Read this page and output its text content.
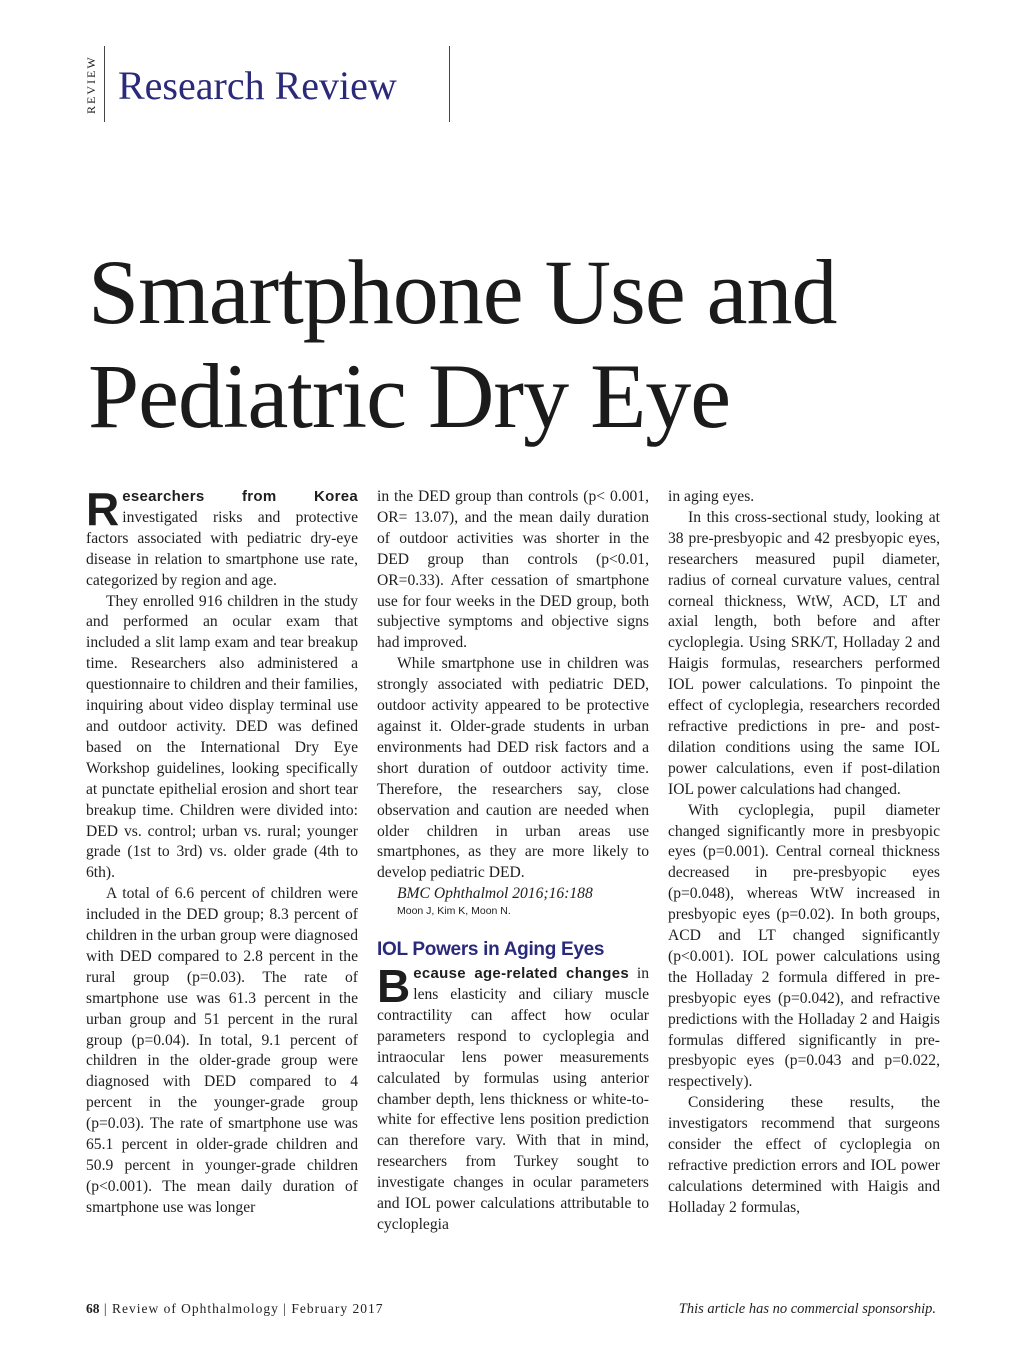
REVIEW Research Review
Smartphone Use and
Pediatric Dry Eye

Researchers from Korea investigated risks and protective factors associated with pediatric dry-eye disease in relation to smartphone use rate, categorized by region and age.

They enrolled 916 children in the study and performed an ocular exam that included a slit lamp exam and tear breakup time. Researchers also administered a questionnaire to children and their families, inquiring about video display terminal use and outdoor activity. DED was defined based on the International Dry Eye Workshop guidelines, looking specifically at punctate epithelial erosion and short tear breakup time. Children were divided into: DED vs. control; urban vs. rural; younger grade (1st to 3rd) vs. older grade (4th to 6th).

A total of 6.6 percent of children were included in the DED group; 8.3 percent of children in the urban group were diagnosed with DED compared to 2.8 percent in the rural group (p=0.03). The rate of smartphone use was 61.3 percent in the urban group and 51 percent in the rural group (p=0.04). In total, 9.1 percent of children in the older-grade group were diagnosed with DED compared to 4 percent in the younger-grade group (p=0.03). The rate of smartphone use was 65.1 percent in older-grade children and 50.9 percent in younger-grade children (p<0.001). The mean daily duration of smartphone use was longer

in the DED group than controls (p< 0.001, OR= 13.07), and the mean daily duration of outdoor activities was shorter in the DED group than controls (p<0.01, OR=0.33). After cessation of smartphone use for four weeks in the DED group, both subjective symptoms and objective signs had improved.

While smartphone use in children was strongly associated with pediatric DED, outdoor activity appeared to be protective against it. Older-grade students in urban environments had DED risk factors and a short duration of outdoor activity time. Therefore, the researchers say, close observation and caution are needed when older children in urban areas use smartphones, as they are more likely to develop pediatric DED.

BMC Ophthalmol 2016;16:188

Moon J, Kim K, Moon N.

IOL Powers in Aging Eyes

Because age-related changes in lens elasticity and ciliary muscle contractility can affect how ocular parameters respond to cycloplegia and intraocular lens power measurements calculated by formulas using anterior chamber depth, lens thickness or white-to-white for effective lens position prediction can therefore vary. With that in mind, researchers from Turkey sought to investigate changes in ocular parameters and IOL power calculations attributable to cycloplegia

in aging eyes.

In this cross-sectional study, looking at 38 pre-presbyopic and 42 presbyopic eyes, researchers measured pupil diameter, radius of corneal curvature values, central corneal thickness, WtW, ACD, LT and axial length, both before and after cycloplegia. Using SRK/T, Holladay 2 and Haigis formulas, researchers performed IOL power calculations. To pinpoint the effect of cycloplegia, researchers recorded refractive predictions in pre- and post-dilation conditions using the same IOL power calculations, even if post-dilation IOL power calculations had changed.

With cycloplegia, pupil diameter changed significantly more in presbyopic eyes (p=0.001). Central corneal thickness decreased in pre-presbyopic eyes (p=0.048), whereas WtW increased in presbyopic eyes (p=0.02). In both groups, ACD and LT changed significantly (p<0.001). IOL power calculations using the Holladay 2 formula differed in pre-presbyopic eyes (p=0.042), and refractive predictions with the Holladay 2 and Haigis formulas differed significantly in pre-presbyopic eyes (p=0.043 and p=0.022, respectively).

Considering these results, the investigators recommend that surgeons consider the effect of cycloplegia on refractive prediction errors and IOL power calculations determined with Haigis and Holladay 2 formulas,

68 | Review of Ophthalmology | February 2017	This article has no commercial sponsorship.
